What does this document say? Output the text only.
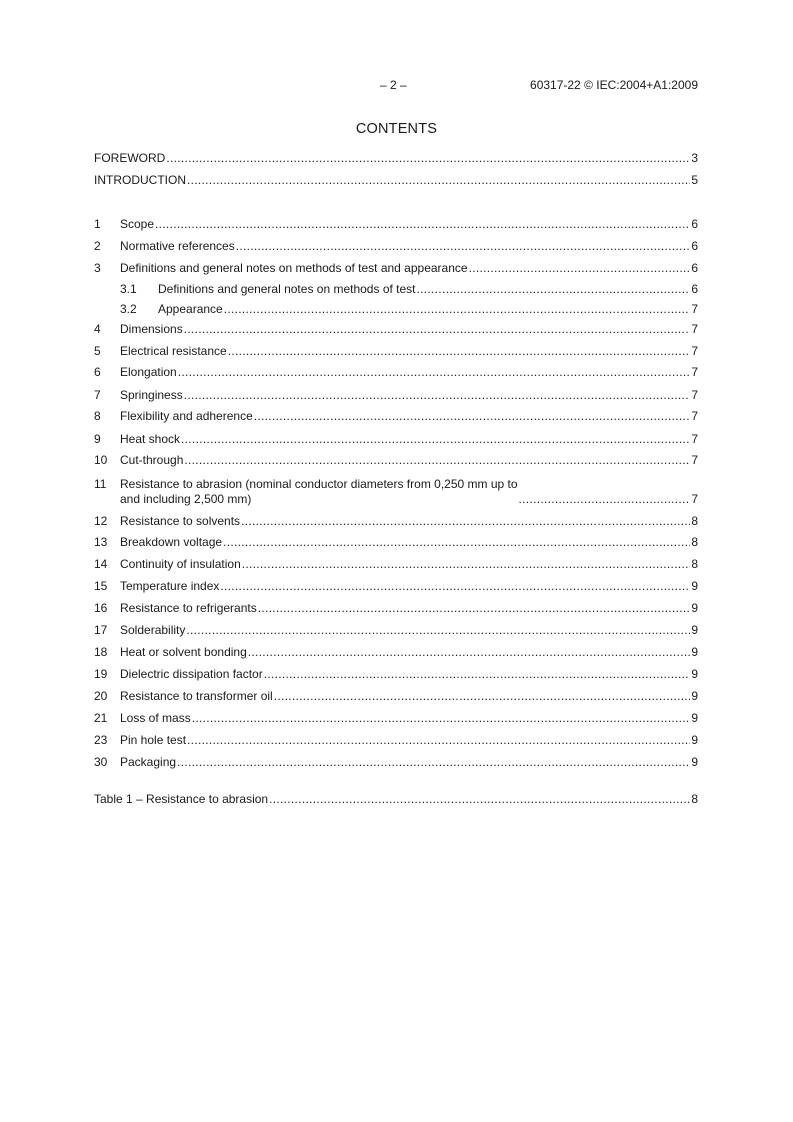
– 2 –	60317-22 © IEC:2004+A1:2009
CONTENTS
FOREWORD .....	3
INTRODUCTION .....	5
1	Scope .....	6
2	Normative references .....	6
3	Definitions and general notes on methods of test and appearance .....	6
3.1	Definitions and general notes on methods of test .....	6
3.2	Appearance .....	7
4	Dimensions .....	7
5	Electrical resistance .....	7
6	Elongation .....	7
7	Springiness .....	7
8	Flexibility and adherence .....	7
9	Heat shock .....	7
10	Cut-through .....	7
11	Resistance to abrasion (nominal conductor diameters from 0,250 mm up to
and including 2,500 mm) .....	7
12	Resistance to solvents .....	8
13	Breakdown voltage .....	8
14	Continuity of insulation .....	8
15	Temperature index .....	9
16	Resistance to refrigerants .....	9
17	Solderability .....	9
18	Heat or solvent bonding .....	9
19	Dielectric dissipation factor .....	9
20	Resistance to transformer oil .....	9
21	Loss of mass .....	9
23	Pin hole test .....	9
30	Packaging .....	9
Table 1 – Resistance to abrasion .....	8
